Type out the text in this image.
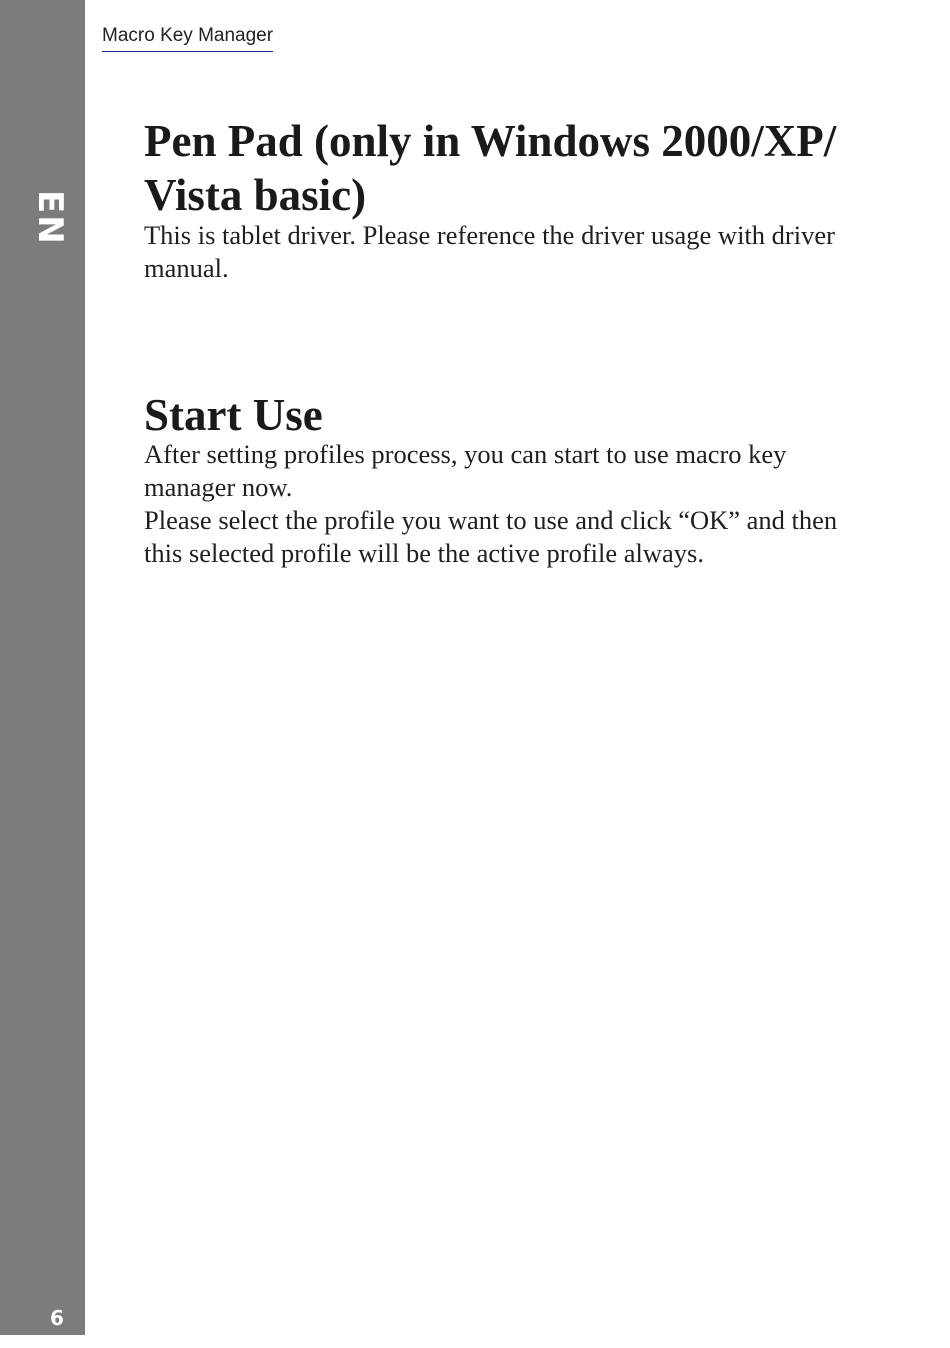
EN
6
Macro Key Manager
Pen Pad (only in Windows 2000/XP/
Vista basic)

This is tablet driver. Please reference the driver usage with driver
manual.

Start Use

After setting profiles process, you can start to use macro key
manager now.
Please select the profile you want to use and click “OK” and then
this selected profile will be the active profile always.
